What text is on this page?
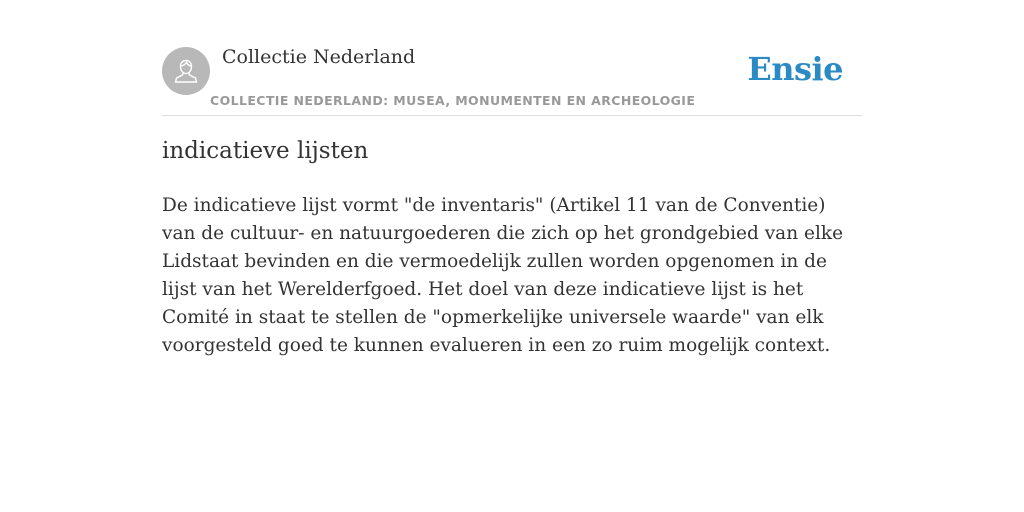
Collectie Nederland
COLLECTIE NEDERLAND: MUSEA, MONUMENTEN EN ARCHEOLOGIE
Ensie
indicatieve lijsten

De indicatieve lijst vormt "de inventaris" (Artikel 11 van de Conventie) van de cultuur- en natuurgoederen die zich op het grondgebied van elke Lidstaat bevinden en die vermoedelijk zullen worden opgenomen in de lijst van het Werelderfgoed. Het doel van deze indicatieve lijst is het Comité in staat te stellen de "opmerkelijke universele waarde" van elk voorgesteld goed te kunnen evalueren in een zo ruim mogelijk context.
